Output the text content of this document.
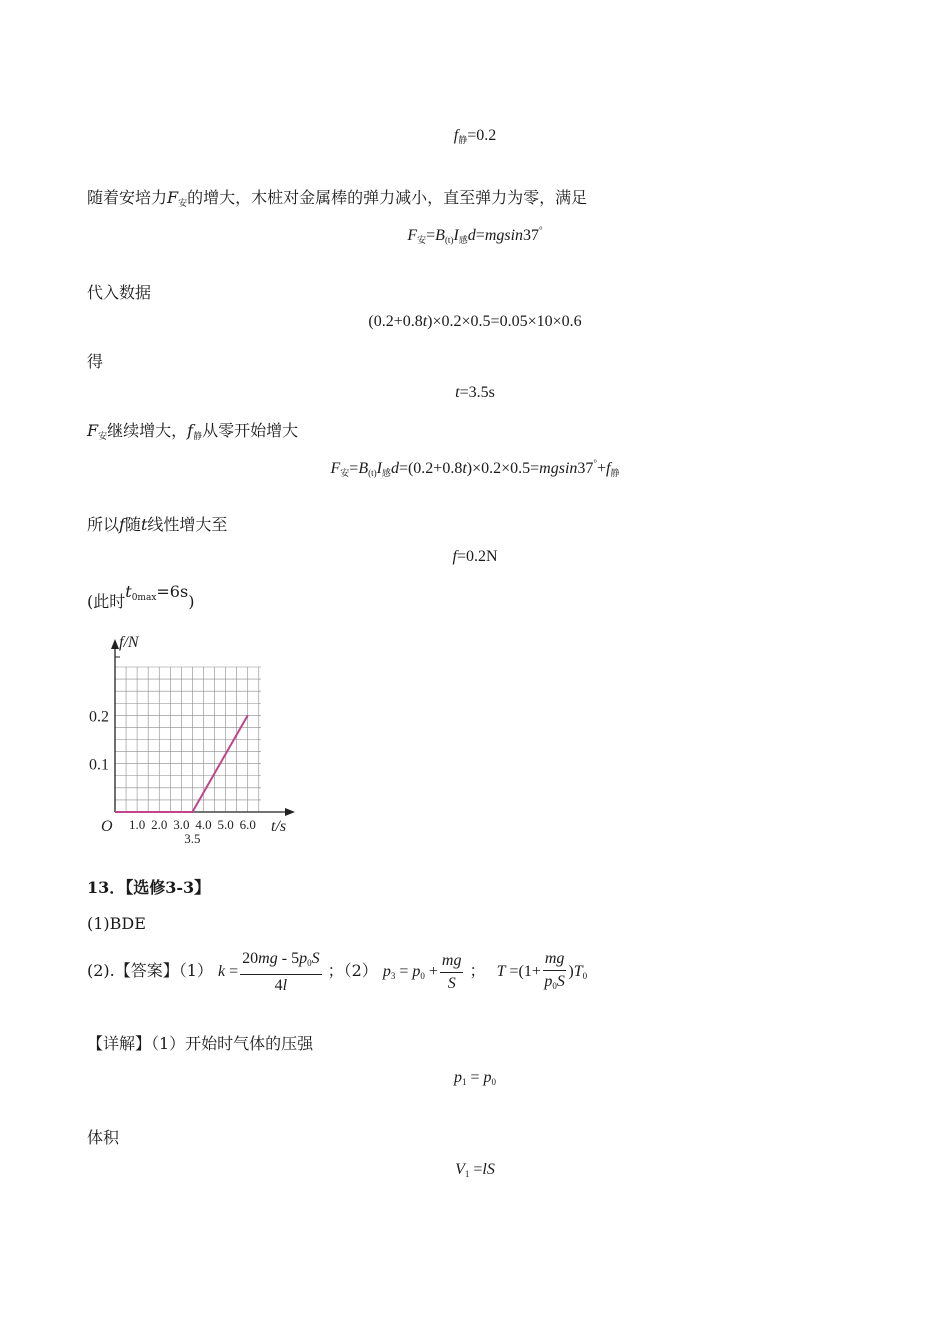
$f_静=0.2$
随着安培力$F_安$的增大，木桩对金属棒的弹力减小，直至弹力为零，满足
$F_安=B_{(t)}I_感d=mgsin37^\circ$
代入数据
(0.2+0.8t)×0.2×0.5=0.05×10×0.6
得
t=3.5s
$F_安$继续增大，$f_静$从零开始增大
$F_安=B_{(t)}I_感d=(0.2+0.8t)\times 0.2\times 0.5=mgsin37^\circ+f_静$
所以f随t线性增大至
f=0.2N
(此时$t_{0max}=6s$)
f/N
t/s
O 1.0 2.0 3.0 4.0 5.0 6.0
3.5
0.1
0.2
13．【选修3-3】
(1)BDE
(2).【答案】（1） $k = \frac{20mg - 5p_0S}{4l}$ ；（2） $p_3 = p_0 + \frac{mg}{S}$ ； $T =(1+ \frac{mg}{p_0S} )T_0$
【详解】（1）开始时气体的压强
$p_1 = p_0$
体积
$V_1 =lS$
